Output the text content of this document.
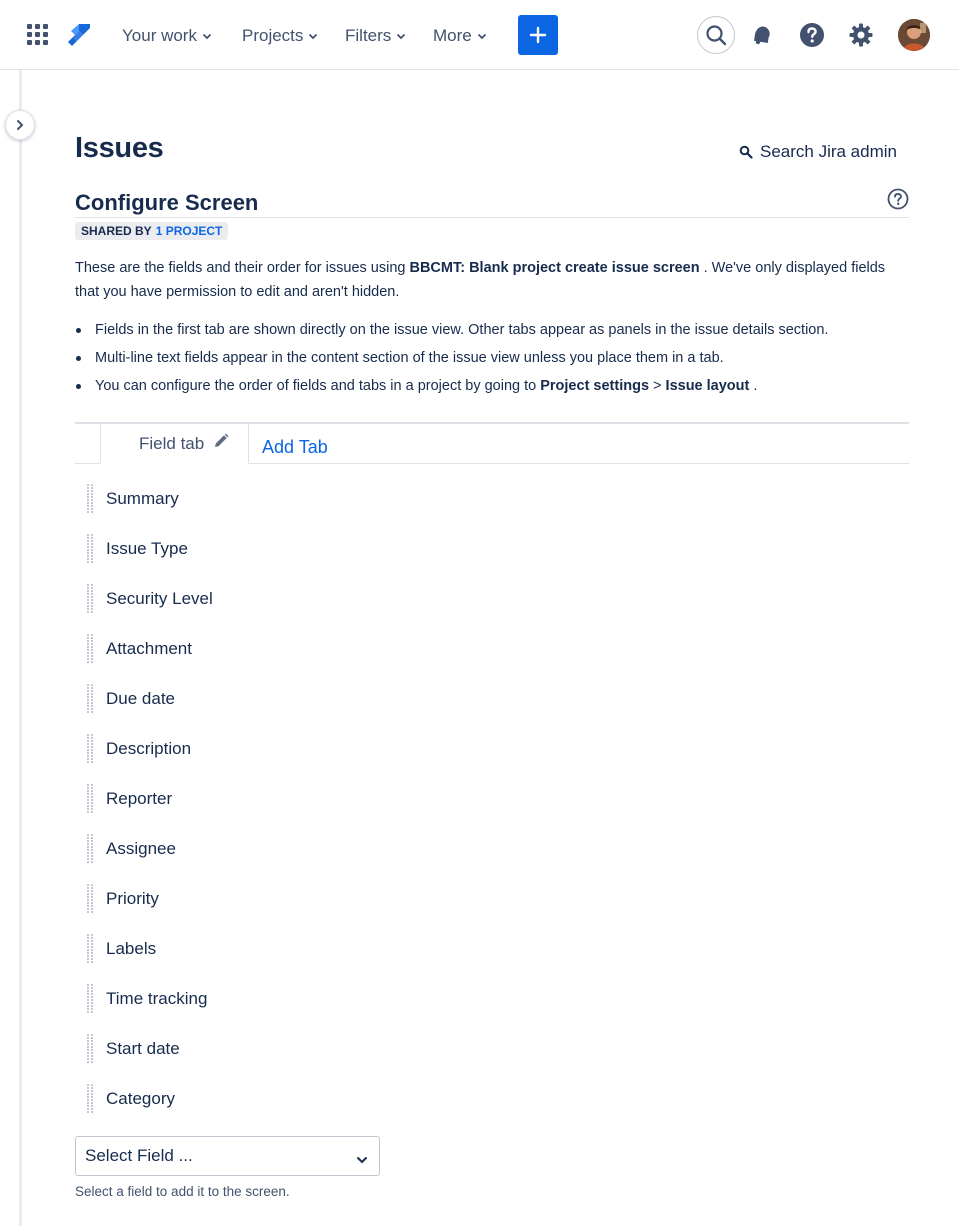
Your work	Projects Filters More
Issues	Search Jira admin
Configure Screen
SHARED BY 1 PROJECT

These are the fields and their order for issues using BBCMT: Blank project create issue screen . We've only displayed fields that you have permission to edit and aren't hidden.

Fields in the first tab are shown directly on the issue view. Other tabs appear as panels in the issue details section.
Multi-line text fields appear in the content section of the issue view unless you place them in a tab.
You can configure the order of fields and tabs in a project by going to Project settings > Issue layout .
Field tab	Add Tab
Summary
Issue Type
Security Level
Attachment
Due date
Description
Reporter
Assignee
Priority
Labels
Time tracking
Start date
Category
Select Field ...
Select a field to add it to the screen.
